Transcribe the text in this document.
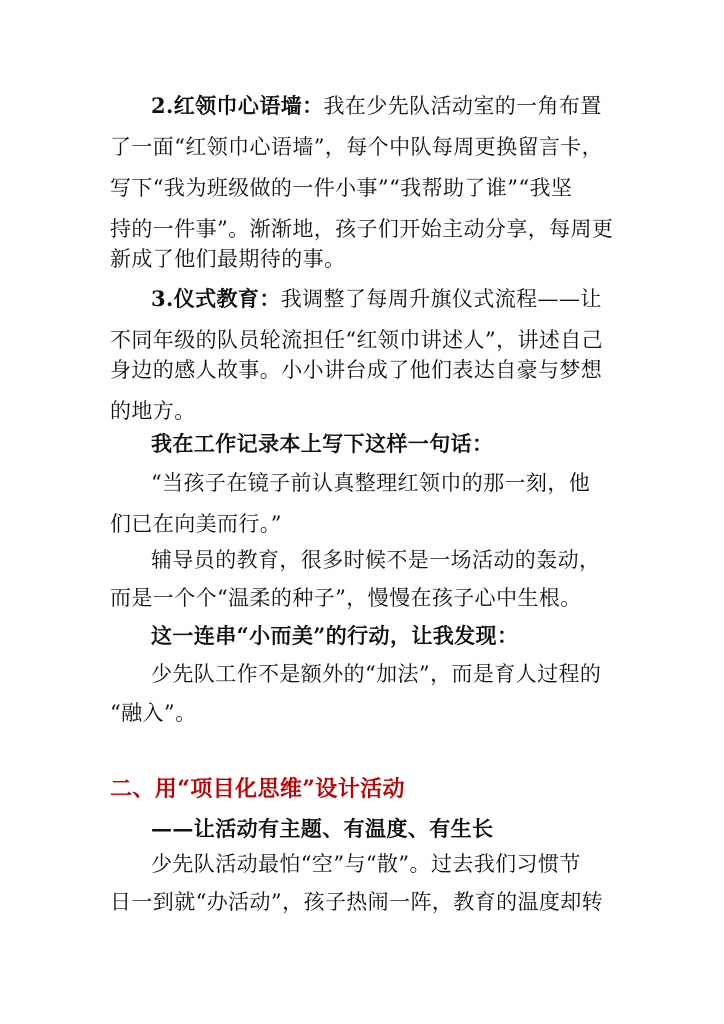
2.红领巾心语墙：我在少先队活动室的一角布置
了一面“红领巾心语墙”，每个中队每周更换留言卡，
写下“我为班级做的一件小事”“我帮助了谁”“我坚
持的一件事”。渐渐地，孩子们开始主动分享，每周更
新成了他们最期待的事。
3.仪式教育：我调整了每周升旗仪式流程——让
不同年级的队员轮流担任“红领巾讲述人”，讲述自己
身边的感人故事。小小讲台成了他们表达自豪与梦想
的地方。
我在工作记录本上写下这样一句话：
“当孩子在镜子前认真整理红领巾的那一刻，他
们已在向美而行。”
辅导员的教育，很多时候不是一场活动的轰动，
而是一个个“温柔的种子”，慢慢在孩子心中生根。
这一连串“小而美”的行动，让我发现：
少先队工作不是额外的“加法”，而是育人过程的
“融入”。
二、用“项目化思维”设计活动
——让活动有主题、有温度、有生长
少先队活动最怕“空”与“散”。过去我们习惯节
日一到就“办活动”，孩子热闹一阵，教育的温度却转
